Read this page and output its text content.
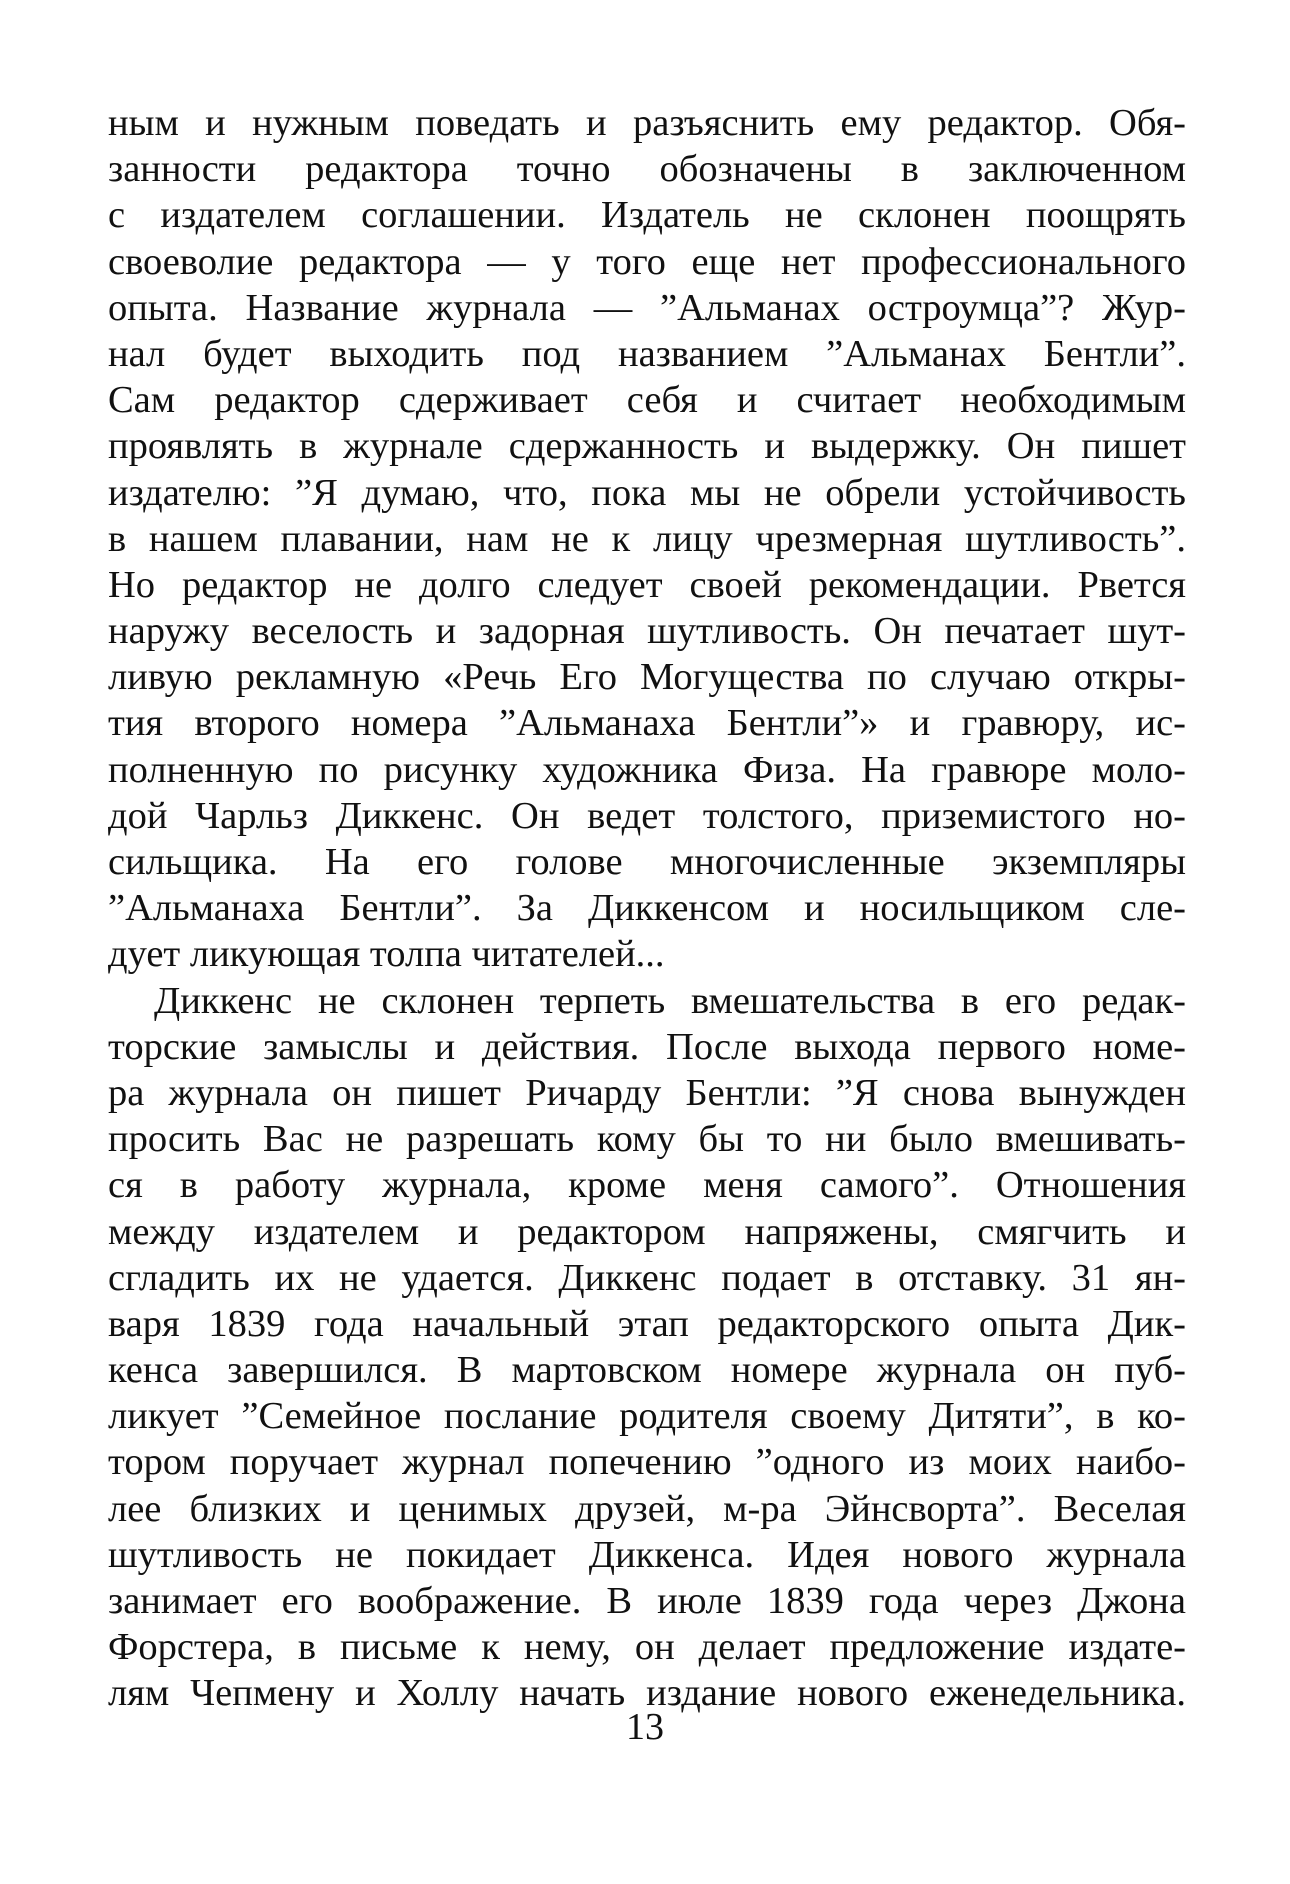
ным и нужным поведать и разъяснить ему редактор. Обя-
занности редактора точно обозначены в заключенном
с издателем соглашении. Издатель не склонен поощрять
своеволие редактора — у того еще нет профессионального
опыта. Название журнала — ”Альманах остроумца”? Жур-
нал будет выходить под названием ”Альманах Бентли”.
Сам редактор сдерживает себя и считает необходимым
проявлять в журнале сдержанность и выдержку. Он пишет
издателю: ”Я думаю, что, пока мы не обрели устойчивость
в нашем плавании, нам не к лицу чрезмерная шутливость”.
Но редактор не долго следует своей рекомендации. Рвется
наружу веселость и задорная шутливость. Он печатает шут-
ливую рекламную «Речь Его Могущества по случаю откры-
тия второго номера ”Альманаха Бентли”» и гравюру, ис-
полненную по рисунку художника Физа. На гравюре моло-
дой Чарльз Диккенс. Он ведет толстого, приземистого но-
сильщика. На его голове многочисленные экземпляры
”Альманаха Бентли”. За Диккенсом и носильщиком сле-
дует ликующая толпа читателей...
Диккенс не склонен терпеть вмешательства в его редак-
торские замыслы и действия. После выхода первого номе-
ра журнала он пишет Ричарду Бентли: ”Я снова вынужден
просить Вас не разрешать кому бы то ни было вмешивать-
ся в работу журнала, кроме меня самого”. Отношения
между издателем и редактором напряжены, смягчить и
сгладить их не удается. Диккенс подает в отставку. 31 ян-
варя 1839 года начальный этап редакторского опыта Дик-
кенса завершился. В мартовском номере журнала он пуб-
ликует ”Семейное послание родителя своему Дитяти”, в ко-
тором поручает журнал попечению ”одного из моих наибо-
лее близких и ценимых друзей, м-ра Эйнсворта”. Веселая
шутливость не покидает Диккенса. Идея нового журнала
занимает его воображение. В июле 1839 года через Джона
Форстера, в письме к нему, он делает предложение издате-
лям Чепмену и Холлу начать издание нового еженедельника.
13
